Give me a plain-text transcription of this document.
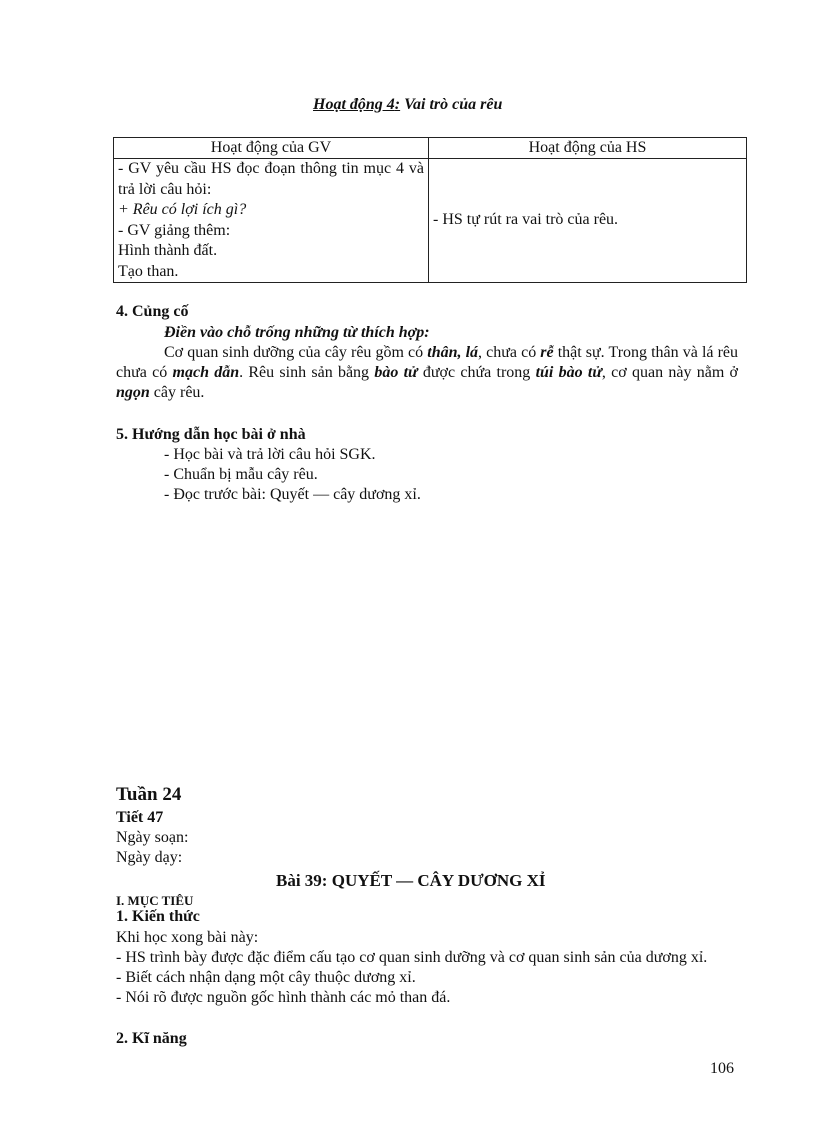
Hoạt động 4: Vai trò của rêu
Hoạt động của GV	Hoạt động của HS

- GV yêu cầu HS đọc đoạn thông tin mục 4 và trả lời câu hỏi:
+ Rêu có lợi ích gì?
- GV giảng thêm:
Hình thành đất.
Tạo than.	- HS tự rút ra vai trò của rêu.
4. Củng cố
Điền vào chỗ trống những từ thích hợp:
Cơ quan sinh dưỡng của cây rêu gồm có thân, lá, chưa có rễ thật sự. Trong thân và lá rêu chưa có mạch dẫn. Rêu sinh sản bằng bào tử được chứa trong túi bào tử, cơ quan này nằm ở ngọn cây rêu.
5. Hướng dẫn học bài ở nhà
- Học bài và trả lời câu hỏi SGK.
- Chuẩn bị mẫu cây rêu.
- Đọc trước bài: Quyết — cây dương xỉ.
Tuần 24
Tiết 47
Ngày soạn:
Ngày dạy:
Bài 39: QUYẾT — CÂY DƯƠNG XỈ
I. MỤC TIÊU
1. Kiến thức
Khi học xong bài này:
- HS trình bày được đặc điểm cấu tạo cơ quan sinh dưỡng và cơ quan sinh sản của dương xỉ.
- Biết cách nhận dạng một cây thuộc dương xỉ.
- Nói rõ được nguồn gốc hình thành các mỏ than đá.
2. Kĩ năng
106
